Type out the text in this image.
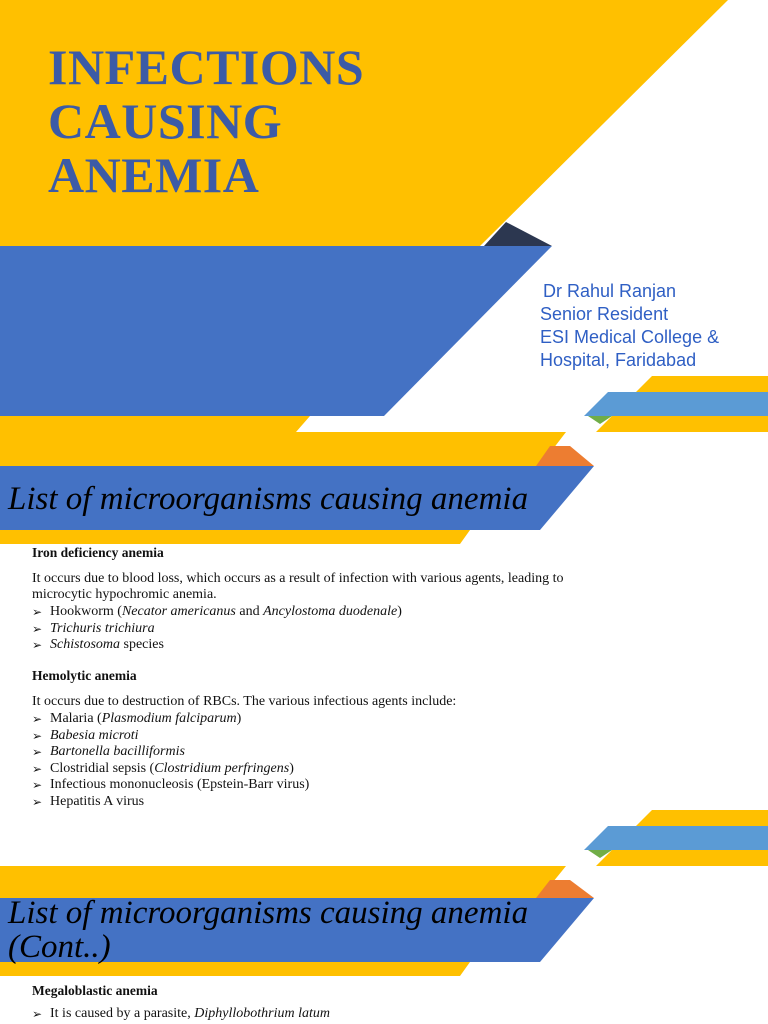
INFECTIONS
CAUSING
ANEMIA
Dr Rahul Ranjan
Senior Resident
ESI Medical College &
Hospital, Faridabad
List of microorganisms causing anemia
Iron deficiency anemia
It occurs due to blood loss, which occurs as a result of infection with various agents, leading to microcytic hypochromic anemia.
➢ Hookworm (Necator americanus and Ancylostoma duodenale)
➢ Trichuris trichiura
➢ Schistosoma species
Hemolytic anemia
It occurs due to destruction of RBCs. The various infectious agents include:
➢ Malaria (Plasmodium falciparum)
➢ Babesia microti
➢ Bartonella bacilliformis
➢ Clostridial sepsis (Clostridium perfringens)
➢ Infectious mononucleosis (Epstein-Barr virus)
➢ Hepatitis A virus
List of microorganisms causing anemia
(Cont..)
Megaloblastic anemia
➢ It is caused by a parasite, Diphyllobothrium latum
